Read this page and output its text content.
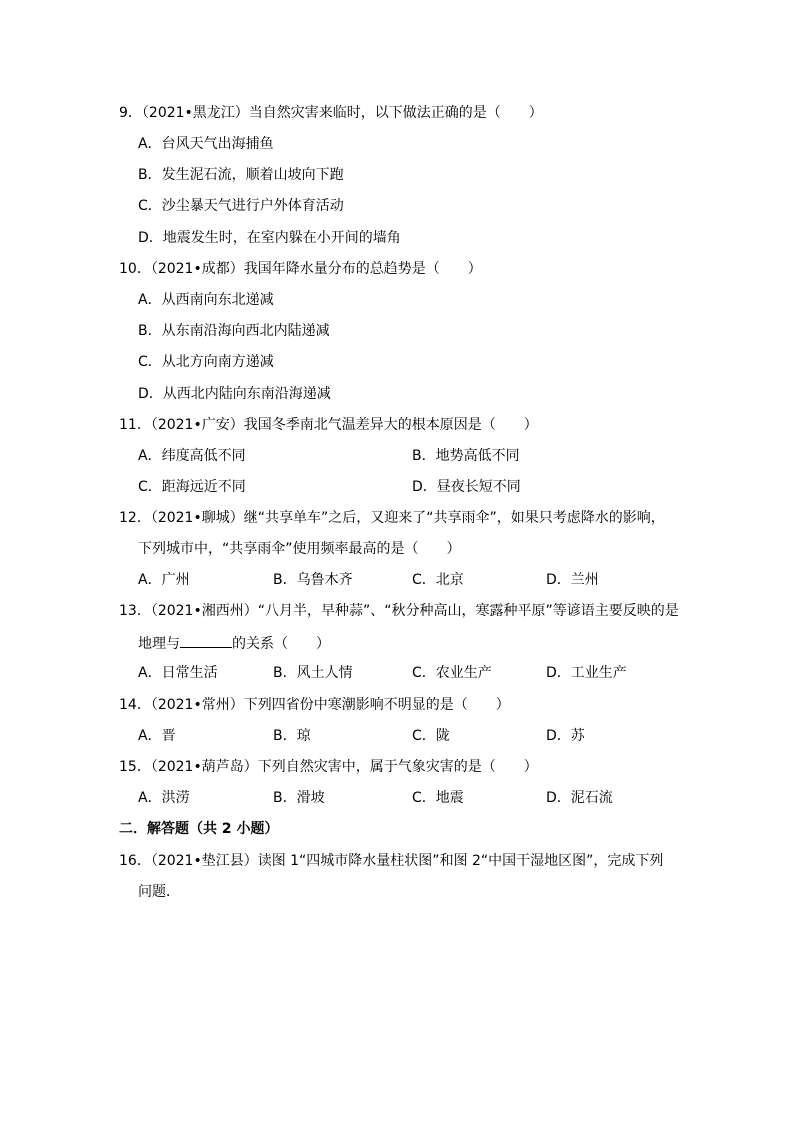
9．（2021•黑龙江）当自然灾害来临时，以下做法正确的是（　　）
A．台风天气出海捕鱼
B．发生泥石流，顺着山坡向下跑
C．沙尘暴天气进行户外体育活动
D．地震发生时，在室内躲在小开间的墙角
10．（2021•成都）我国年降水量分布的总趋势是（　　）
A．从西南向东北递减
B．从东南沿海向西北内陆递减
C．从北方向南方递减
D．从西北内陆向东南沿海递减
11．（2021•广安）我国冬季南北气温差异大的根本原因是（　　）
A．纬度高低不同	B．地势高低不同
C．距海远近不同	D．昼夜长短不同
12．（2021•聊城）继“共享单车”之后，又迎来了“共享雨伞”，如果只考虑降水的影响，
下列城市中，“共享雨伞”使用频率最高的是（　　）
A．广州	B．乌鲁木齐	C．北京	D．兰州
13．（2021•湘西州）“八月半，早种蒜”、“秋分种高山，寒露种平原”等谚语主要反映的是
地理与	的关系（　　）
A．日常生活	B．风土人情	C．农业生产	D．工业生产
14．（2021•常州）下列四省份中寒潮影响不明显的是（　　）
A．晋	B．琼	C．陇	D．苏
15．（2021•葫芦岛）下列自然灾害中，属于气象灾害的是（　　）
A．洪涝	B．滑坡	C．地震	D．泥石流
二．解答题（共 2 小题）
16．（2021•垫江县）读图 1“四城市降水量柱状图”和图 2“中国干湿地区图”，完成下列
问题．
